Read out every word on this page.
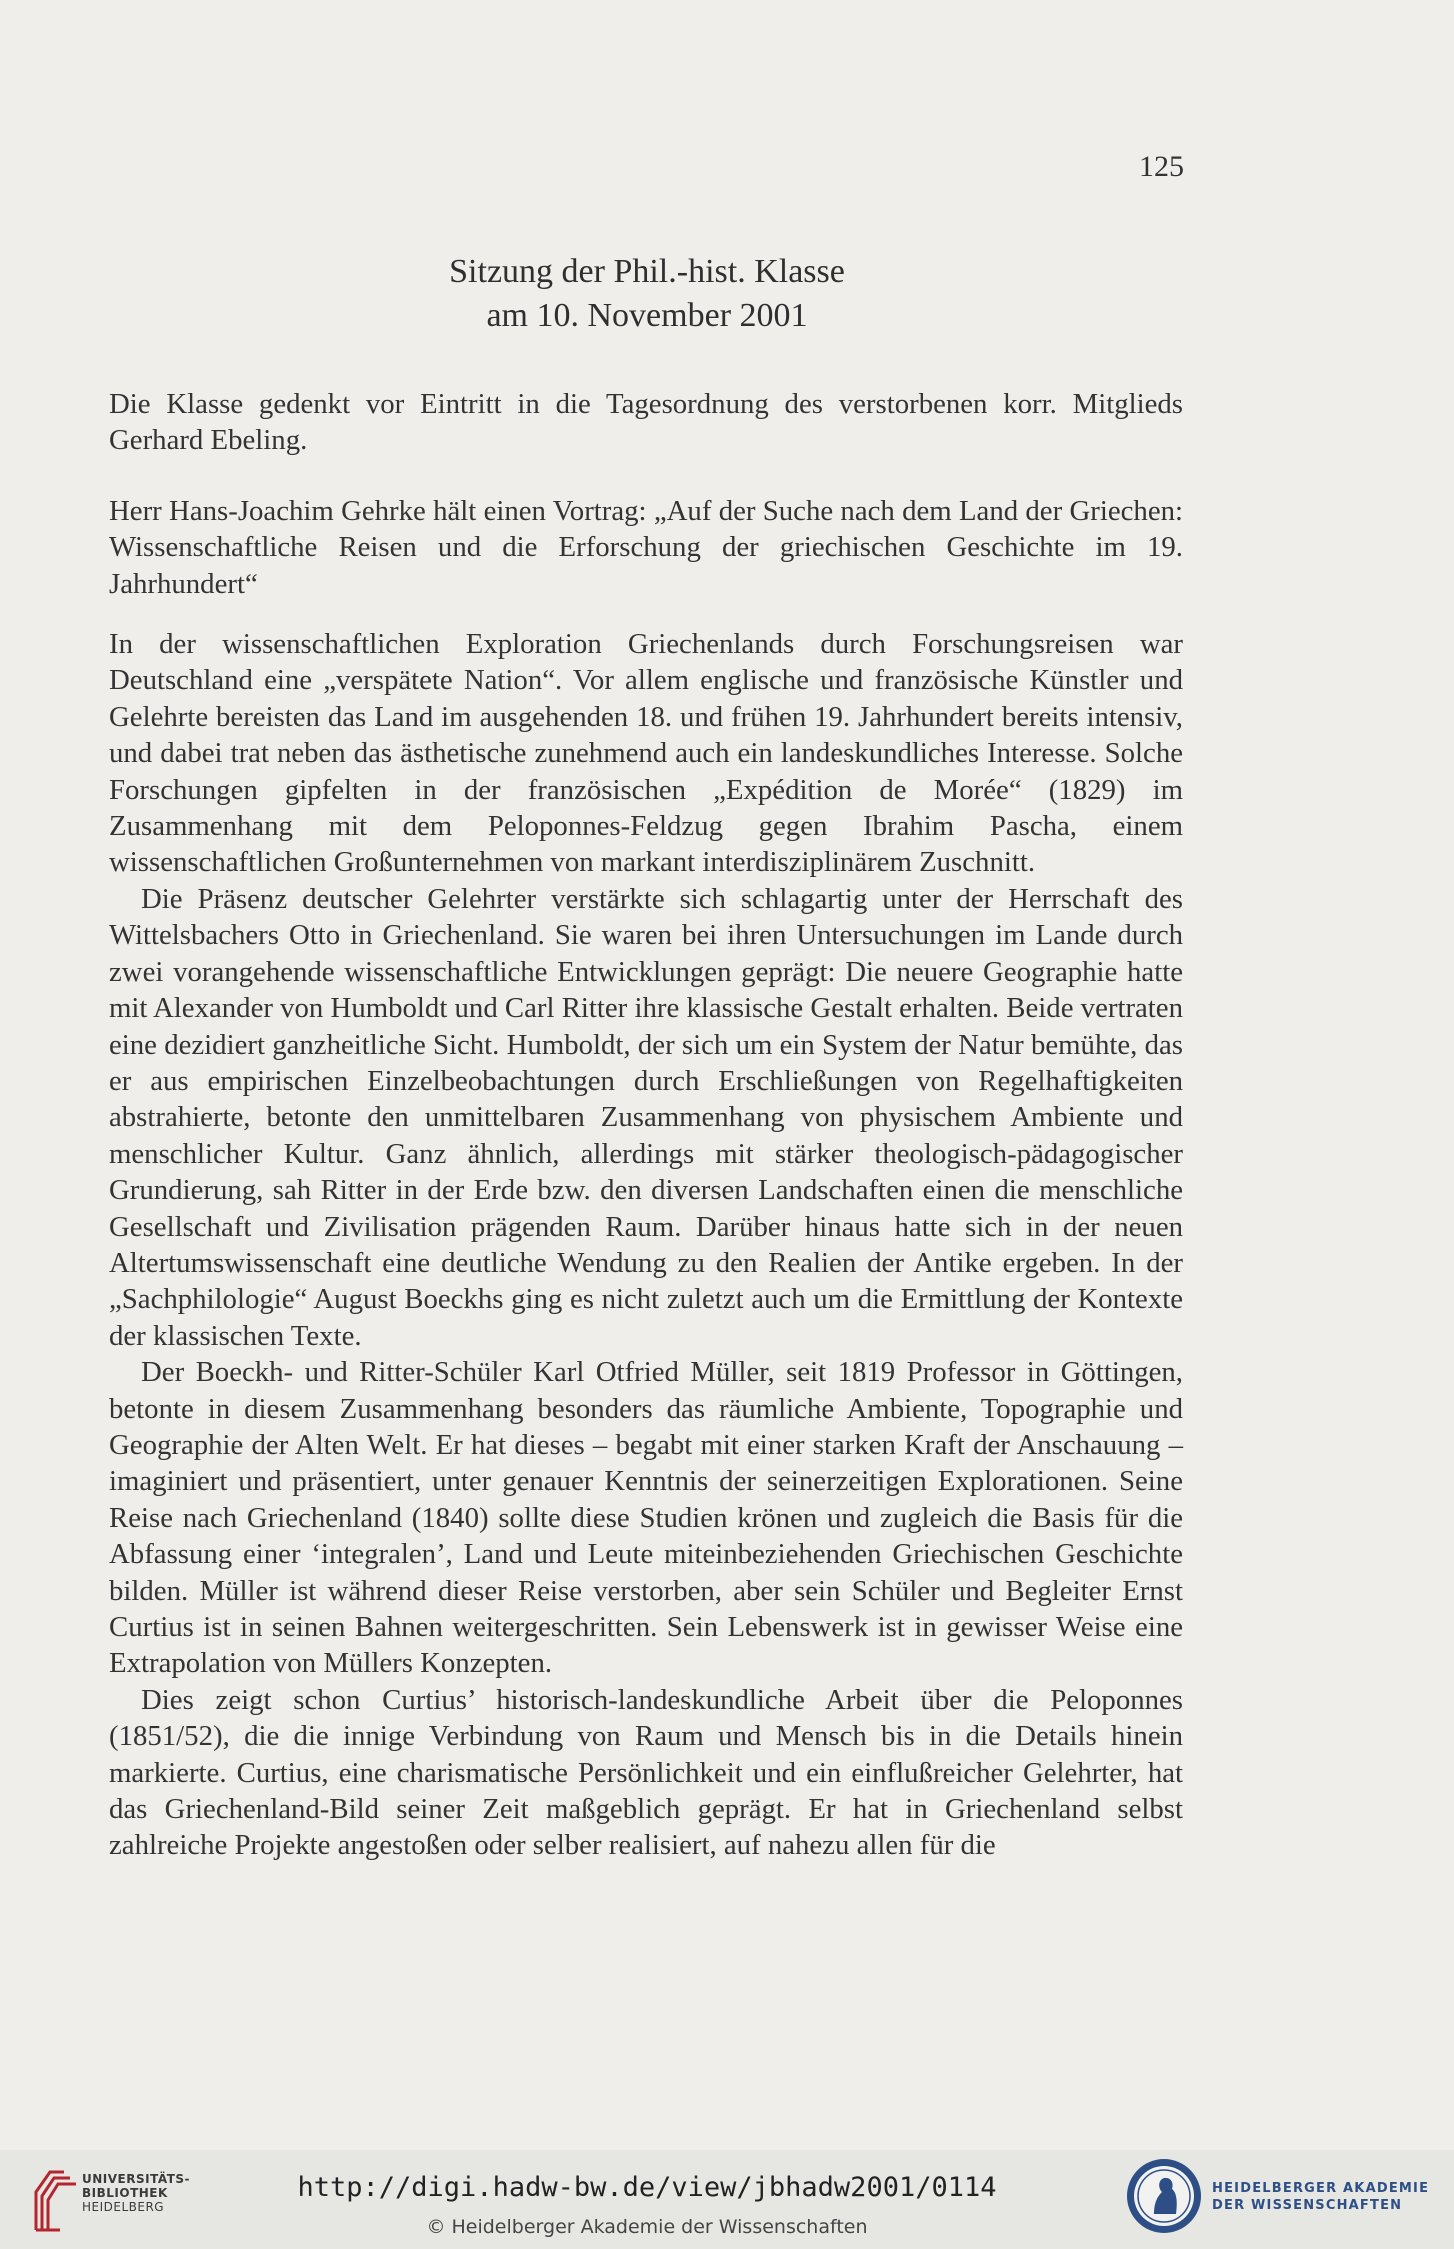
125
Sitzung der Phil.-hist. Klasse
am 10. November 2001

Die Klasse gedenkt vor Eintritt in die Tagesordnung des verstorbenen korr. Mitglieds Gerhard Ebeling.

Herr Hans-Joachim Gehrke hält einen Vortrag: „Auf der Suche nach dem Land der Griechen: Wissenschaftliche Reisen und die Erforschung der griechischen Geschichte im 19. Jahrhundert“

In der wissenschaftlichen Exploration Griechenlands durch Forschungsreisen war Deutschland eine „verspätete Nation“. Vor allem englische und französische Künstler und Gelehrte bereisten das Land im ausgehenden 18. und frühen 19. Jahrhundert bereits intensiv, und dabei trat neben das ästhetische zunehmend auch ein landeskundliches Interesse. Solche Forschungen gipfelten in der französischen „Expédition de Morée“ (1829) im Zusammenhang mit dem Peloponnes-Feldzug gegen Ibrahim Pascha, einem wissenschaftlichen Großunternehmen von markant interdisziplinärem Zuschnitt.

Die Präsenz deutscher Gelehrter verstärkte sich schlagartig unter der Herrschaft des Wittelsbachers Otto in Griechenland. Sie waren bei ihren Untersuchungen im Lande durch zwei vorangehende wissenschaftliche Entwicklungen geprägt: Die neuere Geographie hatte mit Alexander von Humboldt und Carl Ritter ihre klassische Gestalt erhalten. Beide vertraten eine dezidiert ganzheitliche Sicht. Humboldt, der sich um ein System der Natur bemühte, das er aus empirischen Einzelbeobachtungen durch Erschließungen von Regelhaftigkeiten abstrahierte, betonte den unmittelbaren Zusammenhang von physischem Ambiente und menschlicher Kultur. Ganz ähnlich, allerdings mit stärker theologisch-pädagogischer Grundierung, sah Ritter in der Erde bzw. den diversen Landschaften einen die menschliche Gesellschaft und Zivilisation prägenden Raum. Darüber hinaus hatte sich in der neuen Altertumswissenschaft eine deutliche Wendung zu den Realien der Antike ergeben. In der „Sachphilologie“ August Boeckhs ging es nicht zuletzt auch um die Ermittlung der Kontexte der klassischen Texte.

Der Boeckh- und Ritter-Schüler Karl Otfried Müller, seit 1819 Professor in Göttingen, betonte in diesem Zusammenhang besonders das räumliche Ambiente, Topographie und Geographie der Alten Welt. Er hat dieses – begabt mit einer starken Kraft der Anschauung – imaginiert und präsentiert, unter genauer Kenntnis der seinerzeitigen Explorationen. Seine Reise nach Griechenland (1840) sollte diese Studien krönen und zugleich die Basis für die Abfassung einer ‘integralen’, Land und Leute miteinbeziehenden Griechischen Geschichte bilden. Müller ist während dieser Reise verstorben, aber sein Schüler und Begleiter Ernst Curtius ist in seinen Bahnen weitergeschritten. Sein Lebenswerk ist in gewisser Weise eine Extrapolation von Müllers Konzepten.

Dies zeigt schon Curtius’ historisch-landeskundliche Arbeit über die Peloponnes (1851/52), die die innige Verbindung von Raum und Mensch bis in die Details hinein markierte. Curtius, eine charismatische Persönlichkeit und ein einflußreicher Gelehrter, hat das Griechenland-Bild seiner Zeit maßgeblich geprägt. Er hat in Griechenland selbst zahlreiche Projekte angestoßen oder selber realisiert, auf nahezu allen für die

UNIVERSITÄTS-
BIBLIOTHEK
HEIDELBERG
http://digi.hadw-bw.de/view/jbhadw2001/0114
© Heidelberger Akademie der Wissenschaften
HEIDELBERGER AKADEMIE
DER WISSENSCHAFTEN
